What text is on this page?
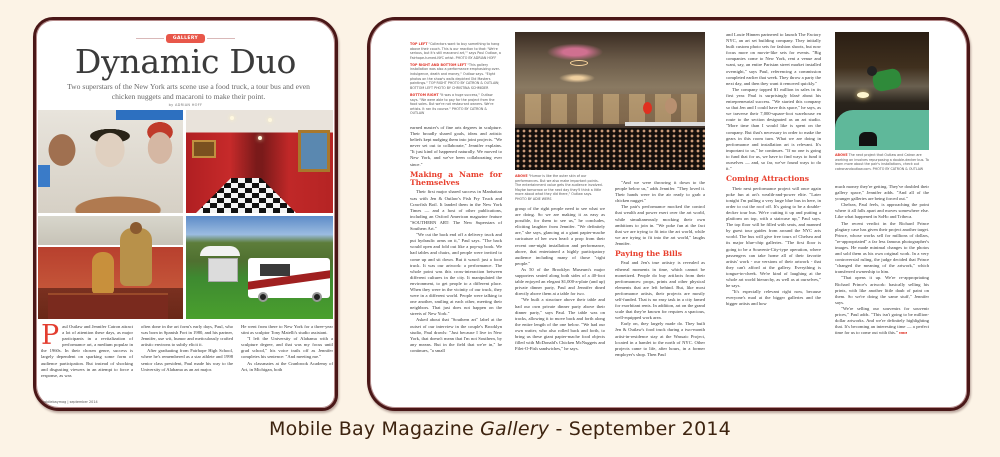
GALLERY
Dynamic Duo

Two superstars of the New York arts scene use a food truck, a tour bus and even chicken nuggets and macaroni to make their point.

by ADRIAN HOFF

Paul Outlaw and Jennifer Catron attract a lot of attention these days, as major participants in a revitalization of performance art, a medium popular in the 1960s. In their chosen genre, success is largely dependent on sparking some form of audience participation. But instead of shocking and disgusting viewers in an attempt to force a response, as was

often done in the art form's early days, Paul, who was born in Spanish Fort in 1980, and his partner, Jennifer, use wit, humor and meticulously crafted artistic environs to subtly elicit it.

After graduating from Fairhope High School, where he's remembered as a star athlete and 1998 senior class president, Paul made his way to the University of Alabama as an art major.

He went from there to New York for a three-year stint as sculptor Tony Matelli's studio assistant.

"I left the University of Alabama with a sculpture degree, and that was my focus until grad school," his voice trails off as Jennifer completes his sentence: "And meeting me."

As classmates at the Cranbrook Academy of Art, in Michigan, both

mobilebaymag | september 2014

TOP LEFT "Collectors want to buy something to hang above their couch. This is our reaction to that: 'We're serious, but it's still macaroni art,'" says Paul Outlaw, a Fairhope-turned-NYC artist. PHOTO BY ADRIAN HOFF

TOP RIGHT AND BOTTOM LEFT "This gallery installation was also a performance emphasizing over-indulgence, death and money," Outlaw says. "Eight photos on the show's walls depicted Old Masters paintings." TOP RIGHT PHOTO BY CATRON & OUTLAW; BOTTOM LEFT PHOTO BY CHRISTINA SCHMIDER

BOTTOM RIGHT "It was a huge success," Outlaw says. "We were able to pay for the project from the food sales. But we're not restaurant owners. We're artists. It ran its course." PHOTO BY CATRON & OUTLAW

earned master's of fine arts degrees in sculpture. Their broadly shared goals, ideas and artistic beliefs kept nudging them into joint projects. "We never set out to collaborate," Jennifer explains. "It just kind of happened naturally. We moved to New York, and we've been collaborating ever since."

Making a Name for Themselves

Their first major shared success in Manhattan was with Jen & Outlaw's Fish Fry Truck and Crawfish Boil. It landed them in the New York Times — and a host of other publications, including an Oxford American magazine feature "SOUTHERN ART: The New Superstars of Southern Art."

"We cut the back end off a delivery truck and put hydraulic arms on it," Paul says. "The back would open and fold out like a pop-up book. We had tables and chairs, and people were invited to come up and sit down. But it wasn't just a food truck. It was our artwork: a performance. The whole point was this cross-interaction between different cultures in the city. It manipulated the environment, to get people to a different place. When they were in the vicinity of our truck, they were in a different world. People were talking to one another, smiling at each other, meeting their neighbors. That just does not happen on the streets of New York."

Asked about that "Southern art" label at the outset of our interview in the couple's Brooklyn studio, Paul drawls: "Just because I live in New York, that doesn't mean that I'm not Southern, by any means. But in the field that we're in," he continues, "a small

ABOVE "Humor is like the outer skin of our performances. But we also make important points. The entertainment value gets the audience involved. Maybe tomorrow or the next day they'll think a little more about what they did there," Outlaw says. PHOTO BY ADIE WERS

group of the right people need to see what we are doing. So we are making it as easy as possible, for them to see us," he concludes, eliciting laughter from Jennifer. "We definitely are," she says, glancing at a giant papier-mache caricature of her own head: a prop from their recent one-night installation and performance, above, that entertained a highly participatory audience including many of those "right people."

As 50 of the Brooklyn Museum's major supporters seated along both sides of a 40-foot table enjoyed an elegant $1,000-a-plate (and up) private dinner party, Paul and Jennifer dined directly above them at a table for two.

"We built a structure above their table and had our own private dinner party above their dinner party," says Paul. The table was on tracks, allowing it to move back and forth along the entire length of the one below. "We had our own waiter, who also rolled back and forth, to bring us these giant papier-mache food objects filled with McDonald's Chicken McNuggets and Filet-O-Fish sandwiches," he says.

"And we were throwing it down to the people below us," adds Jennifer. "They loved it. Their hands were in the air ready to grab a chicken nugget."

The pair's performance mocked the control that wealth and power exert over the art world, while simultaneously mocking their own ambitions to join in. "We poke fun at the fact that we are trying to fit into the art world, while we are trying to fit into the art world," laughs Jennifer.

Paying the Bills

Paul and Jen's true artistry is revealed as ethereal moments in time, which cannot be monetized. People do buy artifacts from their performances: props, prints and other physical elements that are left behind. But, like most performance artists, their projects are mostly self-funded. That is no easy task in a city famed for exorbitant rents. In addition, art on the grand scale that they're known for requires a spacious, well-equipped work area.

Early on, they largely made do. They built Jen & Outlaw's food truck during a two-month artist-in-residence stay at the Wassaic Project, located in a hamlet to the north of NYC. Other projects came to life, after hours, in a former employer's shop. Then Paul

and Louie Hinnen partnered to launch The Factory NYC, an art set building company. They initially built custom photo sets for fashion shoots, but now focus more on movie-like sets for events. "Big companies come to New York, rent a venue and want, say, an entire Parisian street market installed overnight," says Paul, referencing a commission completed earlier that week. They throw a party the next day, and then they want it removed quickly."

The company topped $1 million in sales in its first year. Paul is surprisingly blasé about his entrepreneurial success. "We started this company so that Jen and I could have this space," he says, as we traverse their 7,000-square-foot warehouse en route to the section designated as an art studio. "More time than I would like is spent on the company. But that's necessary in order to make the gears in this room turn. What we are doing in performance and installation art is relevant. It's important to us," he continues. "If no one is going to fund that for us, we have to find ways to fund it ourselves — and, so far, we've found ways to do it."

Coming Attractions

Their next performance project will once again poke fun at art's wealth-and-power elite. "Later tonight I'm pulling a very large blue bus in here, in order to cut the roof off. It's going to be a double-decker tour bus. We're cutting it up and putting a platform on top, with a staircase up," Paul says. The top floor will be filled with seats, and manned by guest tour guides from around the NYC arts world. The bus will give free tours of Chelsea and its major blue-chip galleries. "The first floor is going to be a Souvenir-City-type operation, where passengers can take home all of their favorite artists' work - our versions of their artwork - that they can't afford at the gallery. Everything is tongue-in-cheek. We're kind of laughing at the whole art world hierarchy, as well as at ourselves," he says.

"It's especially relevant right now, because everyone's mad at the bigger galleries and the bigger artists and how

ABOVE The next project that Outlaw and Catron are working on involves repurposing a double-decker bus. To learn more about the pair's installations, check out catronandoutlaw.com. PHOTO BY CATRON & OUTLAW

much money they're getting. They've doubled their gallery space," Jennifer adds. "And all of the younger galleries are being forced out."

Chelsea, Paul feels, is approaching the point where it all falls apart and moves somewhere else. Like what happened in SoHo and Tribeca.

The recent verdict in the Richard Prince plagiary case has given their project another target. Prince, whose works sell for millions of dollars, "re-appropriated" a far less famous photographer's images. He made minimal changes to the photos and sold them as his own original work. In a very controversial ruling, the judge decided that Prince "changed the meaning of the artwork," which transferred ownership to him.

"That opens it up. We're re-appropriating Richard Prince's artwork: basically selling his prints, with like another little daub of paint on them. So we're doing the same stuff," Jennifer says.

"We're selling our souvenirs for souvenir prices," Paul adds. "This isn't going to be million-dollar artworks. And we're definitely highlighting that. It's becoming an interesting time — a perfect time for us to come out with this." MBM

Mobile Bay Magazine Gallery - September 2014
